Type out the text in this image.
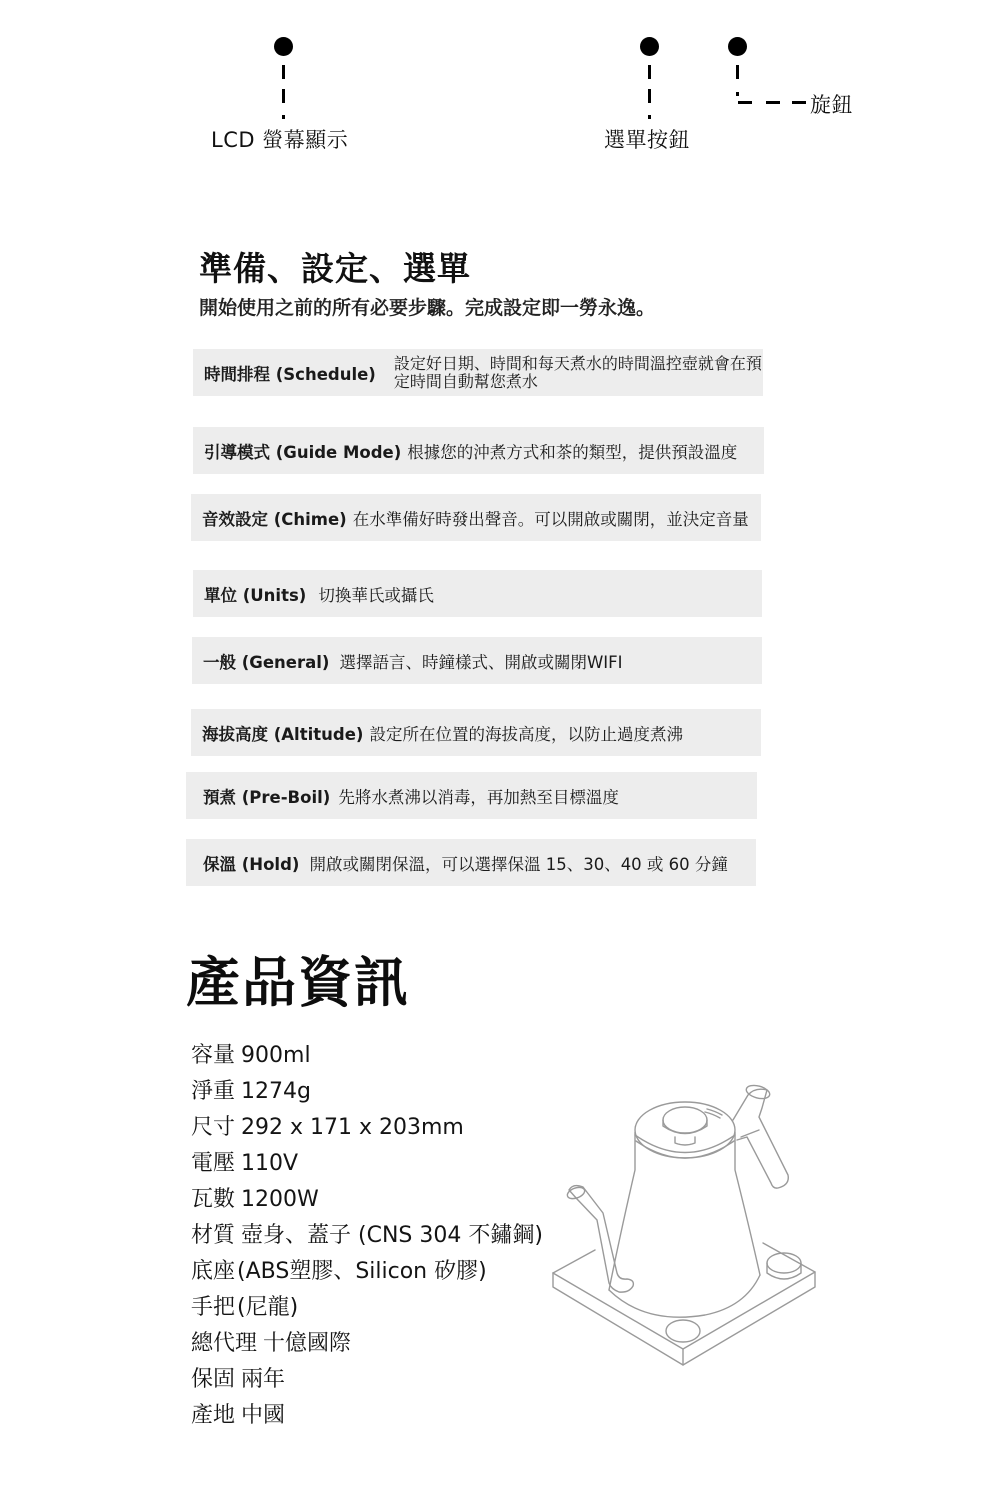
LCD 螢幕顯示	選單按鈕
旋鈕
準備、設定、選單

開始使用之前的所有必要步驟。完成設定即一勞永逸。

時間排程 (Schedule)
設定好日期、時間和每天煮水的時間溫控壺就會在預定時間自動幫您煮水
引導模式 (Guide Mode) 根據您的沖煮方式和茶的類型，提供預設溫度
音效設定 (Chime) 在水準備好時發出聲音。可以開啟或關閉，並決定音量
單位 (Units) 切換華氏或攝氏
一般 (General) 選擇語言、時鐘樣式、開啟或關閉WIFI
海拔高度 (Altitude) 設定所在位置的海拔高度，以防止過度煮沸
預煮 (Pre-Boil) 先將水煮沸以消毒，再加熱至目標溫度
保溫 (Hold) 開啟或關閉保溫，可以選擇保溫 15、30、40 或 60 分鐘
產品資訊
容量 900ml
淨重 1274g
尺寸 292 x 171 x 203mm
電壓 110V
瓦數 1200W
材質 壺身、蓋子 (CNS 304 不鏽鋼)
底座(ABS塑膠、Silicon 矽膠)
手把(尼龍)
總代理 十億國際
保固 兩年
產地 中國
